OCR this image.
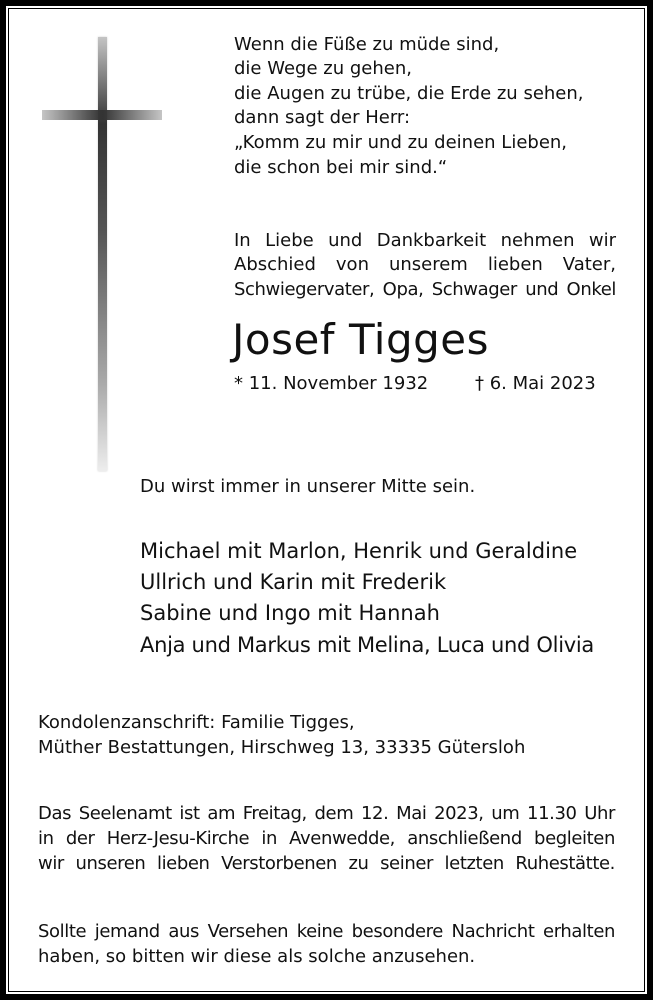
Wenn die Füße zu müde sind,
die Wege zu gehen,
die Augen zu trübe, die Erde zu sehen,
dann sagt der Herr:
„Komm zu mir und zu deinen Lieben,
die schon bei mir sind.“
In Liebe und Dankbarkeit nehmen wir
Abschied von unserem lieben Vater,
Schwiegervater, Opa, Schwager und Onkel
Josef Tigges
* 11. November 1932	† 6. Mai 2023
Du wirst immer in unserer Mitte sein.
Michael mit Marlon, Henrik und Geraldine
Ullrich und Karin mit Frederik
Sabine und Ingo mit Hannah
Anja und Markus mit Melina, Luca und Olivia
Kondolenzanschrift: Familie Tigges,
Müther Bestattungen, Hirschweg 13, 33335 Gütersloh
Das Seelenamt ist am Freitag, dem 12. Mai 2023, um 11.30 Uhr
in der Herz-Jesu-Kirche in Avenwedde, anschließend begleiten
wir unseren lieben Verstorbenen zu seiner letzten Ruhestätte.
Sollte jemand aus Versehen keine besondere Nachricht erhalten
haben, so bitten wir diese als solche anzusehen.
